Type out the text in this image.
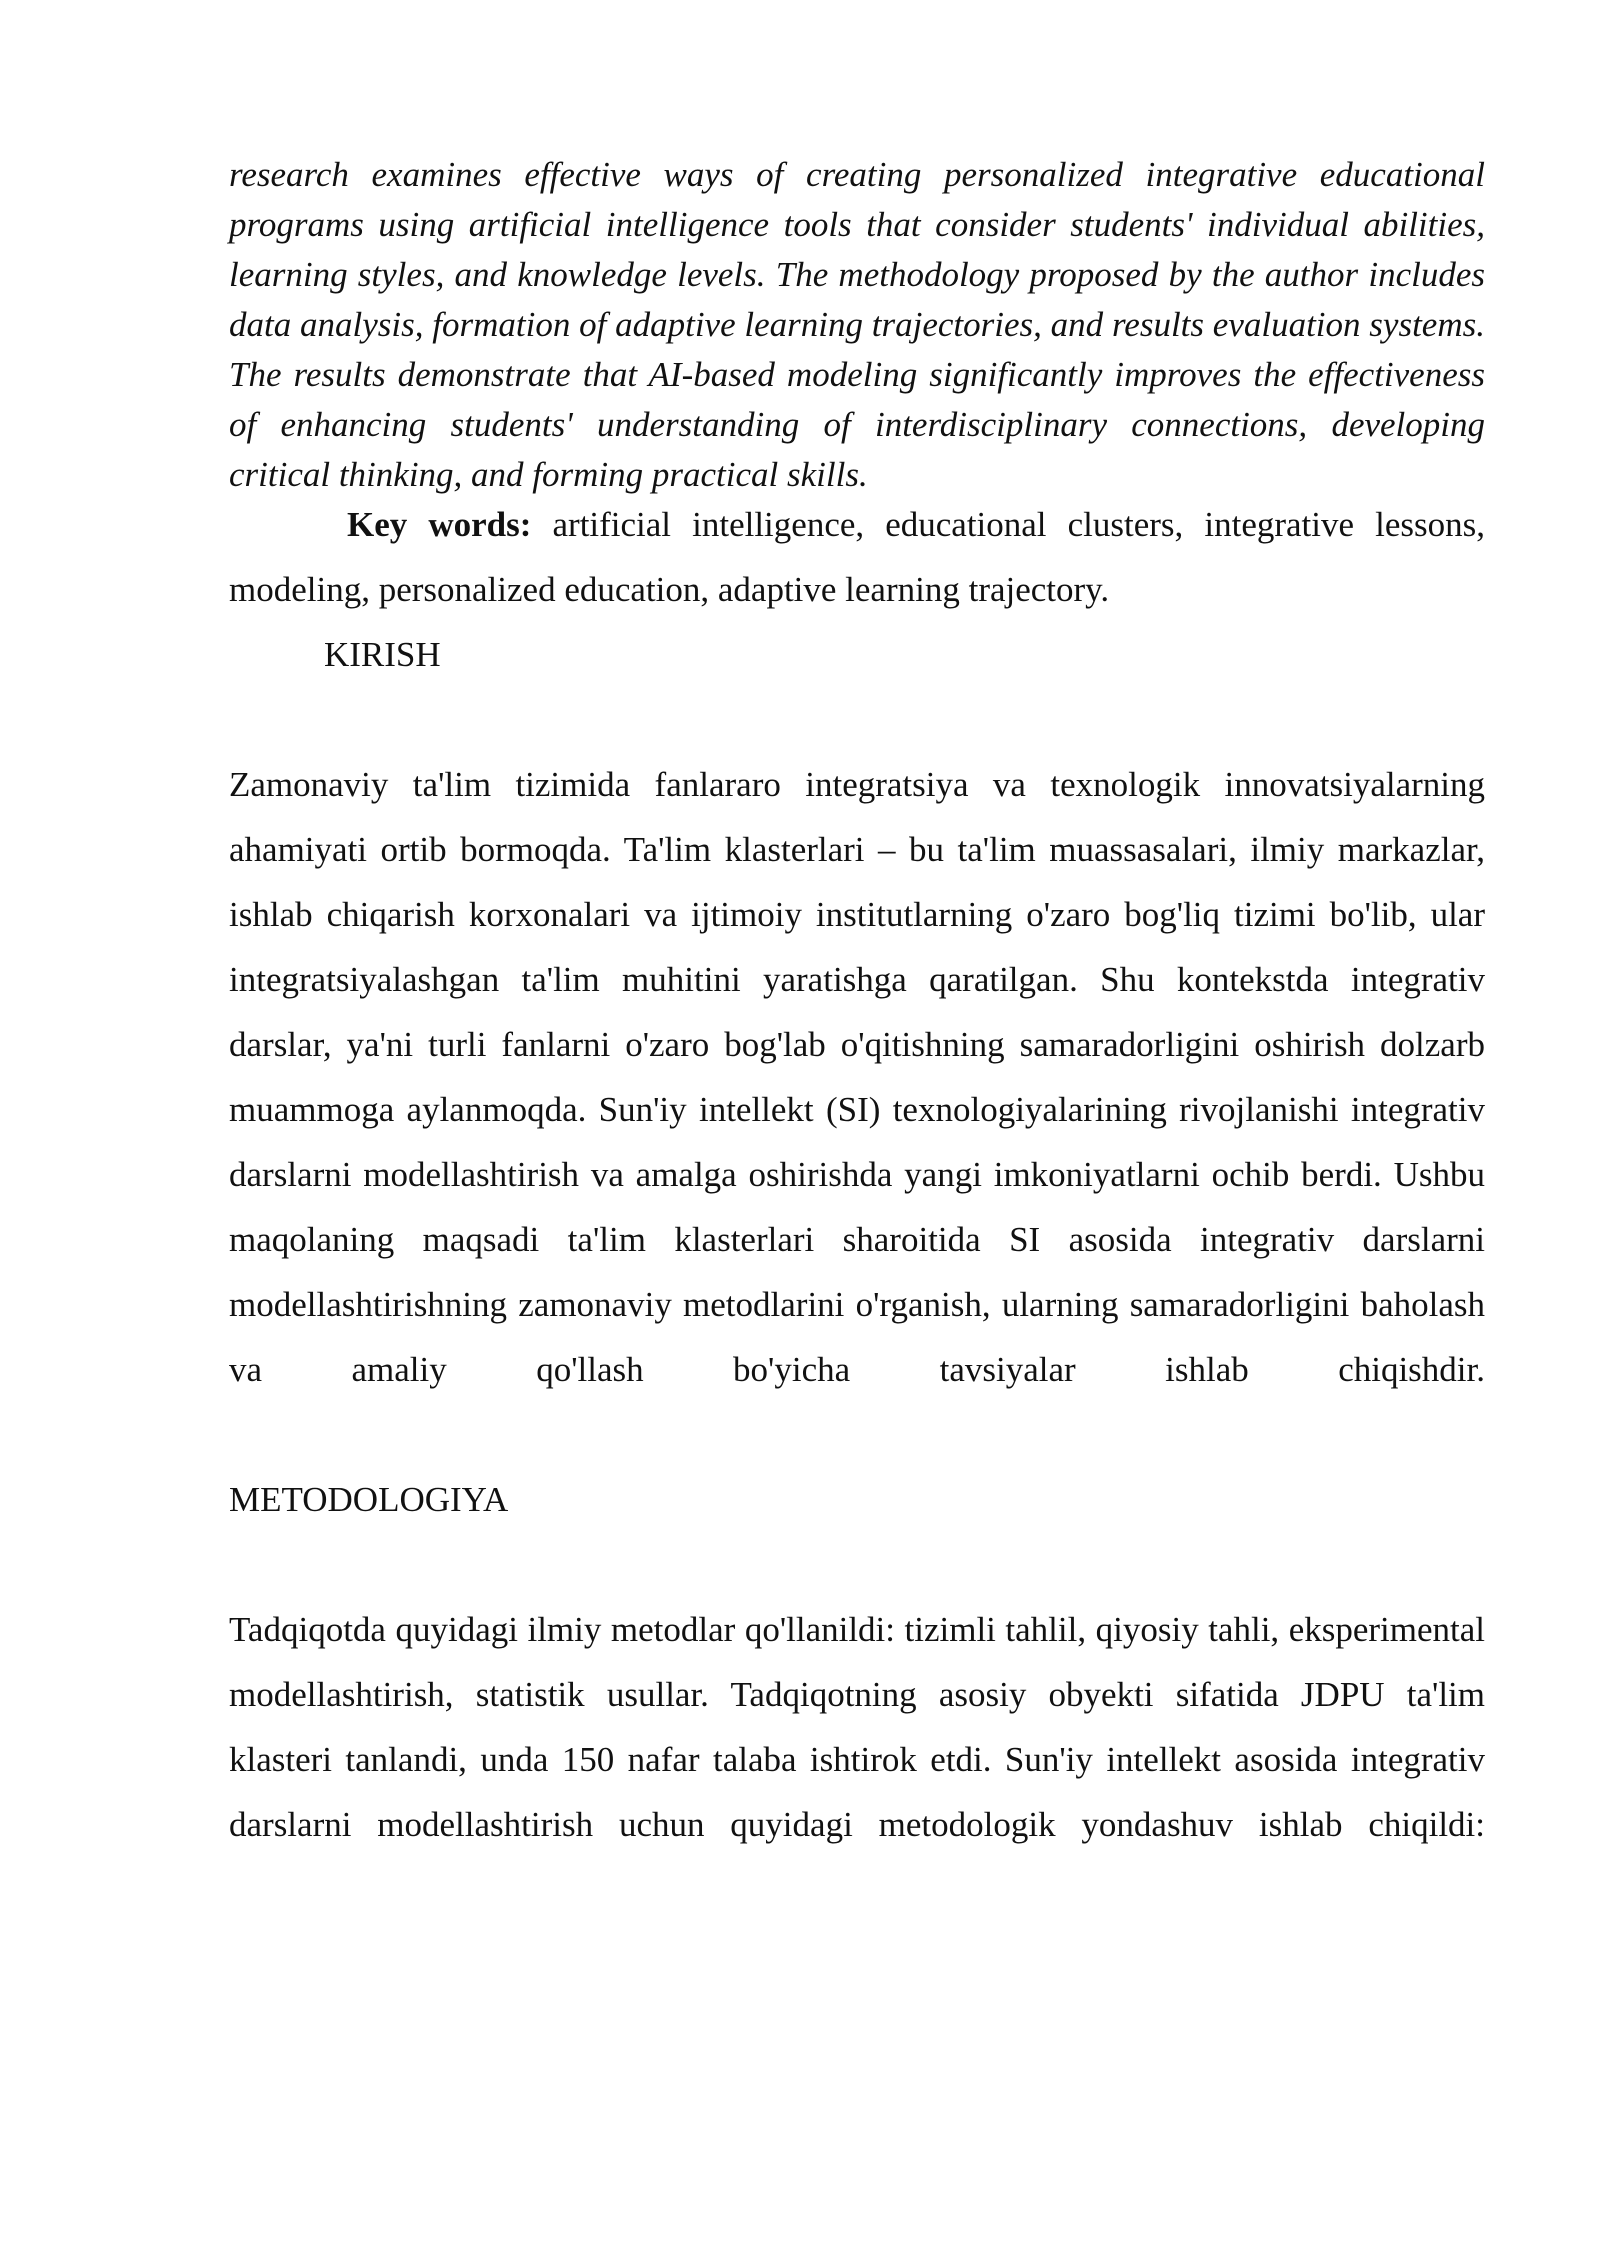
research examines effective ways of creating personalized integrative educational programs using artificial intelligence tools that consider students' individual abilities, learning styles, and knowledge levels. The methodology proposed by the author includes data analysis, formation of adaptive learning trajectories, and results evaluation systems. The results demonstrate that AI-based modeling significantly improves the effectiveness of enhancing students' understanding of interdisciplinary connections, developing critical thinking, and forming practical skills.

Key words: artificial intelligence, educational clusters, integrative lessons, modeling, personalized education, adaptive learning trajectory.

KIRISH

Zamonaviy ta'lim tizimida fanlararo integratsiya va texnologik innovatsiyalarning ahamiyati ortib bormoqda. Ta'lim klasterlari – bu ta'lim muassasalari, ilmiy markazlar, ishlab chiqarish korxonalari va ijtimoiy institutlarning o'zaro bog'liq tizimi bo'lib, ular integratsiyalashgan ta'lim muhitini yaratishga qaratilgan. Shu kontekstda integrativ darslar, ya'ni turli fanlarni o'zaro bog'lab o'qitishning samaradorligini oshirish dolzarb muammoga aylanmoqda. Sun'iy intellekt (SI) texnologiyalarining rivojlanishi integrativ darslarni modellashtirish va amalga oshirishda yangi imkoniyatlarni ochib berdi. Ushbu maqolaning maqsadi ta'lim klasterlari sharoitida SI asosida integrativ darslarni modellashtirishning zamonaviy metodlarini o'rganish, ularning samaradorligini baholash va amaliy qo'llash bo'yicha tavsiyalar ishlab chiqishdir.

METODOLOGIYA

Tadqiqotda quyidagi ilmiy metodlar qo'llanildi: tizimli tahlil, qiyosiy tahli, eksperimental modellashtirish, statistik usullar. Tadqiqotning asosiy obyekti sifatida JDPU ta'lim klasteri tanlandi, unda 150 nafar talaba ishtirok etdi. Sun'iy intellekt asosida integrativ darslarni modellashtirish uchun quyidagi metodologik yondashuv ishlab chiqildi:
